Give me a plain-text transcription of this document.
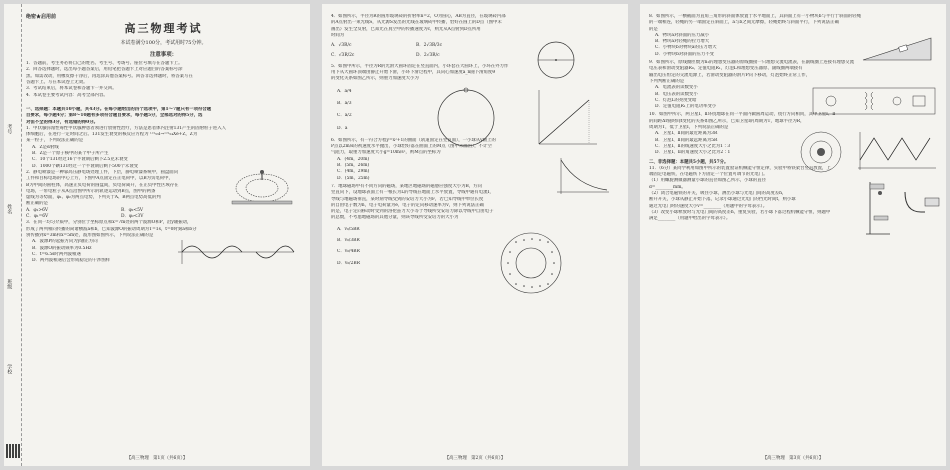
考号
姓名
班级
学校
绝密★启用前
高三物理考试
本试卷满分100分，考试用时75分钟。
注意事项：
1．答题前，考生务必将自己的姓名、考生号、考场号、座位号填写在答题卡上。
2．回答选择题时，选出每小题答案后，用铅笔把答题卡上对应题目的答案标号涂
黑。如需改动，用橡皮擦干净后，再选涂其他答案标号。回答非选择题时，将答案写在
答题卡上。写在本试卷上无效。
3．考试结束后，将本试卷和答题卡一并交回。
4．本试卷主要考试内容：高考全部内容。
一、选择题：本题共10小题，共43分。在每小题给出的四个选项中，第1～7题只有一项符合题
目要求，每小题4分；第8～10题有多项符合题目要求，每小题5分，全部选对的得5分，选
对但不全的得3分，有选错的得0分。
1．甲状腺弥漫性毒性甲状腺肿患者须进行放射性治疗，方法是患者体内注射131产生的固射粒子进入人
体细胞后，在进行一定时间之后。131发生衰变的核反应方程为 ¹³¹₅₃I→¹³¹₅₄Xe+Z，Z为
某一粒子，下列说法正确的是
A．Z是α射线
B．Z是一个原子核中的某个中子所产生
C．10个131经过16个半衰期后剩下2.5克未衰变
D．1000个碘131经过一个半衰期后剩下500个未衰变
2．静电喷漆是一种靠高压静电场处理工件，下层，静电喷漆系统中，圆盘面向
工件和目标电场的中心上方，下图中A点固定在正电荷中，以B为负电荷中，
B为中间的圆柱体，高速正负电荷的圆盘间，负电荷离开，在正负中性区域存在
电场，一带电粒子从A点沿图中所示的轨迹运动到B点，图中的两条
虚线为等势面，φ₁、φ₂为两点电势，下列关于A、B两点电势高低的判
断正确的是
A．φ₁>6V	B．φ₂<5V
C．φ₁=6V	D．φ₂<3V
3．在同一均匀介质中，分别位于坐标原点和x=7m处的两个波源O和P，沿y轴振动，
形成了两列相向传播的简谐横波a和b，已知波源O的振动周期为T=1s，t=0时刻a和b分
别传播到x=3m和x=5m处，波形图如图所示，下列说法正确的是
A．波源P的起振方向为y轴正方向
B．波源O的振动频率为0.5Hz
C．t=6.5s时两列波相遇
D．两列波相遇后会形成稳定的干涉图样
【高三物理　第1页（共6页）】
4．如图所示，半径为R的圆形玻璃砖的折射率n=2，O为圆心，AB为直径，在玻璃砖内部
的A点射出一束光线S，从光源S发出的光线在玻璃砖中传播，恰好在圆上的D点（图中未
画出）发生全反射，已知光在真空中的传播速度为c，则光从A点射到D点所用
时间为
A．√3R/c	B．2√3R/3c
C．√3R/2c	D．2√3R/c
5．如图甲所示，半径为R的光滑大圆环固定在竖直面内，小环套在大圆环上，小环在外力作
用下从大圆环顶端由静止开始下滑，小环下滑过程中，其向心加速度a_n随下滑角度θ
的变化关系如图乙所示，则重力加速度大小为
A．a/4
B．a/3
C．a/2
D．a
6．如图所示，有一符合方程y=x²+1的曲面（轨道固定在竖直面），一小球从y轴上的
P点以2m/s的初速度水平抛出，小球恰好落在曲面上的M点（图中未画出），不计空
气阻力，取重力加速度大小g=10m/s²，则M点的坐标为
A．(4m，20m)
B．(5m，26m)
C．(4m，29m)
D．(5m，25m)
7．地球磁场中有不同方向的磁场，某地区地磁场的磁感应强度大小为B，方向
竖直向下，设地球表面上有一根长为L的导线在地面上水平放置，导线中通有电流I，
导线与地磁场垂直，某时刻导线受到的安培力大小为F，若已知导线中单位长度
的自由电子数为n，电子电荷量为e，电子的定向移动速率为v，则下列说法正确
的是，电子定向移动时受到的洛伦兹力大小等于导线所受安培力除以导线中自由电子
的总数，不考虑地磁场的其他分量，则该导线所受安培力的大小为
A．v₀/5BR
B．v₀/3BR
C．v₀/4BR
D．v₀/2BR
【高三物理　第2页（共6页）】
8．如图所示，一横截面为直角三角形的斜面体放置于水平地面上，其斜面上有一小物块b与平行于斜面的轻绳
的一端相连，轻绳的另一端固定在斜面上，a与b之间无摩擦，轻绳始终与斜面平行，下列说法正确
的是
A．物块a对斜面的压力减小
B．物块a对轻绳的拉力增大
C．小物块b对物块a的压力增大
D．小物块b对斜面的压力不变
9．如图所示，原线圈匝数为n₁的理想变压器的原线圈接一只理想交流电流表，在副线圈上连接有理想交流
电压表和滑动变阻器R₀、定值电阻R₁，灯泡L和理想变压器原、副线圈两端接有
输出电压恒定的交流电源上，若滑动变阻器的滑片P向下移动，灯泡始终正常工作，
下列判断正确的是
A．电流表的读数变小
B．电压表的读数变小
C．灯泡L的亮度变暗
D．定值电阻R₁上的电功率变小
10．如图甲所示，两卫星Ⅰ、Ⅱ环绕地球在同一平面内做圆周运动，绕行方向相同，其中卫星Ⅰ、Ⅱ
的间距Δr随时间t变化的关系如图乙所示，已知卫星Ⅰ的周期为T，地球半径为R，
周期为T，低于卫星Ⅰ，下列说法正确的是
A．卫星Ⅰ、Ⅱ间的最近距离为3R
B．卫星Ⅰ、Ⅱ间的最远距离为5R
C．卫星Ⅰ、Ⅱ的线速度大小之比为1∶3
D．卫星Ⅰ、Ⅱ的角速度大小之比为2∶1
二、非选择题：本题共5小题，共57分。
11．（6分）某同学利用如图甲所示的装置验证机械能守恒定律，实验中将铁架台竖直放置，上
端固定电磁铁，在电磁铁下方固定一个位置可调节的光电门。
（1）用螺旋测微器测量小球的直径如图乙所示，小球的直径
d=________mm。
（2）闭合电磁铁的开关，吸住小球，测出小球与光电门间的高度差h，
断开开关，小球从静止开始下落，记录小球通过光电门的挡光时间t，则小球
通过光电门时的速度大小v=________（用题中的字母表示）。
（3）改变小球释放时与光电门间的高度差h，重复实验，若小球下落过程机械能守恒，则题中
满足________（用题中给出的字母表示）。
【高三物理　第3页（共6页）】
